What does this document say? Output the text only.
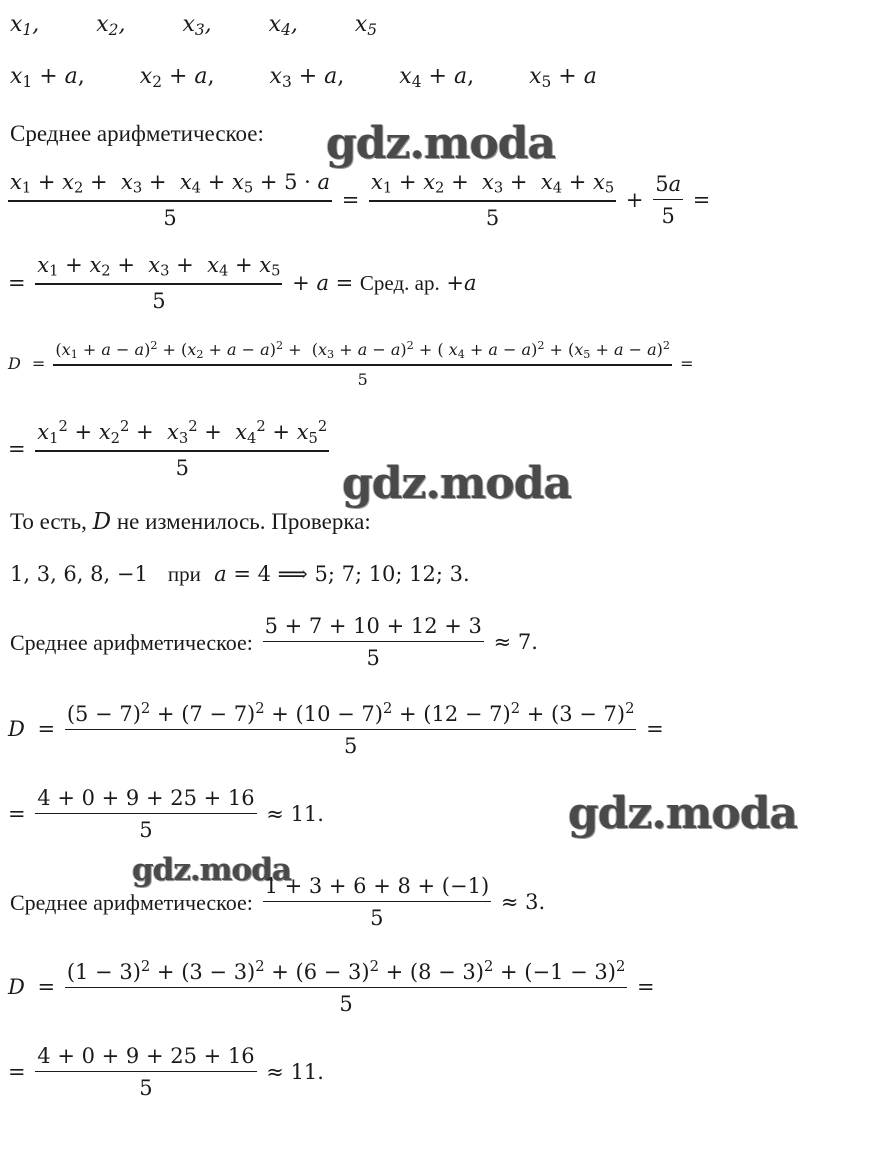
$x_1$,	$x_2$,	$x_3$,	$x_4$,	$x_5$
$x_1 + a$,	$x_2 + a$,	$x_3 + a$,	$x_4 + a$,	$x_5 + a$
Среднее арифметическое: gdz.moda
$\frac{x_1 + x_2 + x_3 + x_4 + x_5 + 5 \cdot a}{5} = \frac{x_1 + x_2 + x_3 + x_4 + x_5}{5} + \frac{5a}{5}$ =
= $\frac{x_1 + x_2 + x_3 + x_4 + x_5}{5} + a$ = Сред. ар. +a
D =
$(x_1 + a - a)^2 + (x_2 + a - a)^2 + (x_3 + a - a)^2$ + ( $x_4 + a - a)^2 + (x_5 + a - a)^2$
5
=
= $\frac{x_1^2 + x_2^2 + x_3^2 + x_4^2 + x_5^2}{5}$
gdz.moda
То есть, D не изменилось. Проверка:
1, 3, 6, 8, −1   при a = 4 ⟹ 5; 7; 10; 12; 3.
Среднее арифметическое: $\frac{5 + 7 + 10 + 12 + 3}{5} \approx 7$.
$D = \frac{(5 - 7)^2 + (7 - 7)^2 + (10 - 7)^2 + (12 - 7)^2 + (3 - 7)^2}{5}$ =
= $\frac{4 + 0 + 9 + 25 + 16}{5} \approx 11$.	gdz.moda
gdz.moda
Среднее арифметическое: $\frac{1 + 3 + 6 + 8 + (-1)}{5} \approx 3$.
$D = \frac{(1 - 3)^2 + (3 - 3)^2 + (6 - 3)^2 + (8 - 3)^2 + (-1 - 3)^2}{5}$ =
= $\frac{4 + 0 + 9 + 25 + 16}{5} \approx 11$.
